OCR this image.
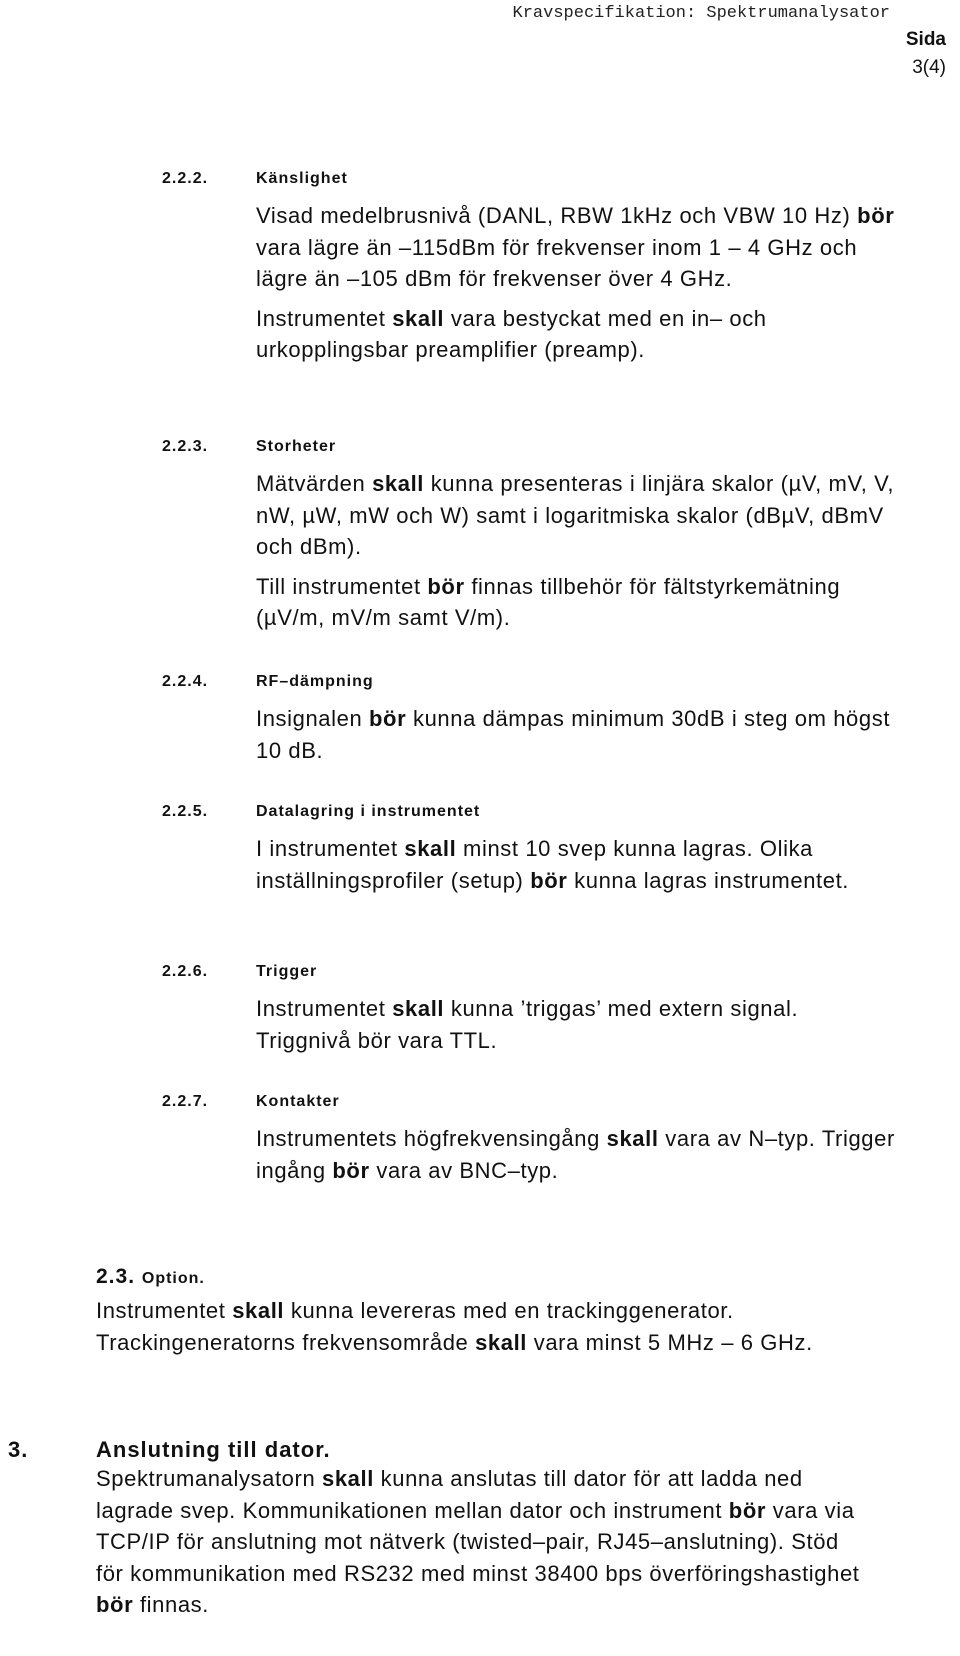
Kravspecifikation: Spektrumanalysator
Sida
3(4)
2.2.2.	Känslighet

Visad medelbrusnivå (DANL, RBW 1kHz och VBW 10 Hz) bör vara lägre än –115dBm för frekvenser inom 1 – 4 GHz och lägre än –105 dBm för frekvenser över 4 GHz.

Instrumentet skall vara bestyckat med en in– och urkopplingsbar preamplifier (preamp).

2.2.3.	Storheter

Mätvärden skall kunna presenteras i linjära skalor (µV, mV, V, nW, µW, mW och W) samt i logaritmiska skalor (dBµV, dBmV och dBm).

Till instrumentet bör finnas tillbehör för fältstyrkemätning (µV/m, mV/m samt V/m).

2.2.4.	RF–dämpning

Insignalen bör kunna dämpas minimum 30dB i steg om högst 10 dB.

2.2.5.	Datalagring i instrumentet

I instrumentet skall minst 10 svep kunna lagras. Olika inställningsprofiler (setup) bör kunna lagras instrumentet.

2.2.6.	Trigger

Instrumentet skall kunna ’triggas’ med extern signal. Triggnivå bör vara TTL.

2.2.7.	Kontakter

Instrumentets högfrekvensingång skall vara av N–typ. Trigger ingång bör vara av BNC–typ.

2.3. Option.
Instrumentet skall kunna levereras med en trackinggenerator. Trackingeneratorns frekvensområde skall vara minst 5 MHz – 6 GHz.
3.	Anslutning till dator.
Spektrumanalysatorn skall kunna anslutas till dator för att ladda ned lagrade svep. Kommunikationen mellan dator och instrument bör vara via TCP/IP för anslutning mot nätverk (twisted–pair, RJ45–anslutning). Stöd för kommunikation med RS232 med minst 38400 bps överföringshastighet bör finnas.
